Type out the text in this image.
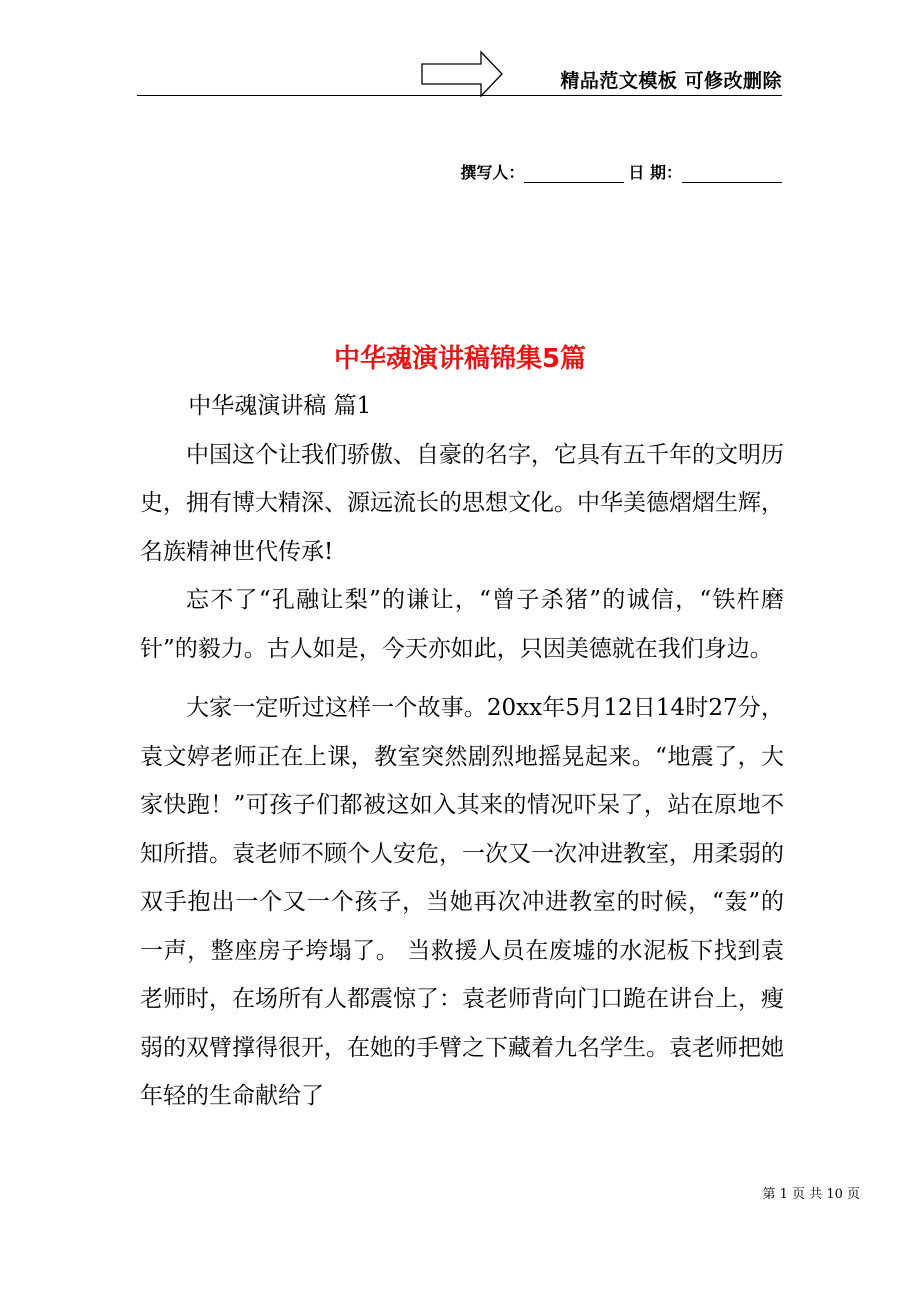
精品范文模板 可修改删除
撰写人：	日 期：
中华魂演讲稿锦集5篇

中华魂演讲稿 篇1

中国这个让我们骄傲、自豪的名字，它具有五千年的文明历史，拥有博大精深、源远流长的思想文化。中华美德熠熠生辉，名族精神世代传承!

忘不了“孔融让梨”的谦让，“曾子杀猪”的诚信，“铁杵磨针”的毅力。古人如是，今天亦如此，只因美德就在我们身边。

大家一定听过这样一个故事。20xx年5月12日14时27分，袁文婷老师正在上课，教室突然剧烈地摇晃起来。“地震了，大家快跑！”可孩子们都被这如入其来的情况吓呆了，站在原地不知所措。袁老师不顾个人安危，一次又一次冲进教室，用柔弱的双手抱出一个又一个孩子，当她再次冲进教室的时候，“轰”的一声，整座房子垮塌了。 当救援人员在废墟的水泥板下找到袁老师时，在场所有人都震惊了：袁老师背向门口跪在讲台上，瘦弱的双臂撑得很开，在她的手臂之下藏着九名学生。袁老师把她年轻的生命献给了

第 1 页 共 10 页
